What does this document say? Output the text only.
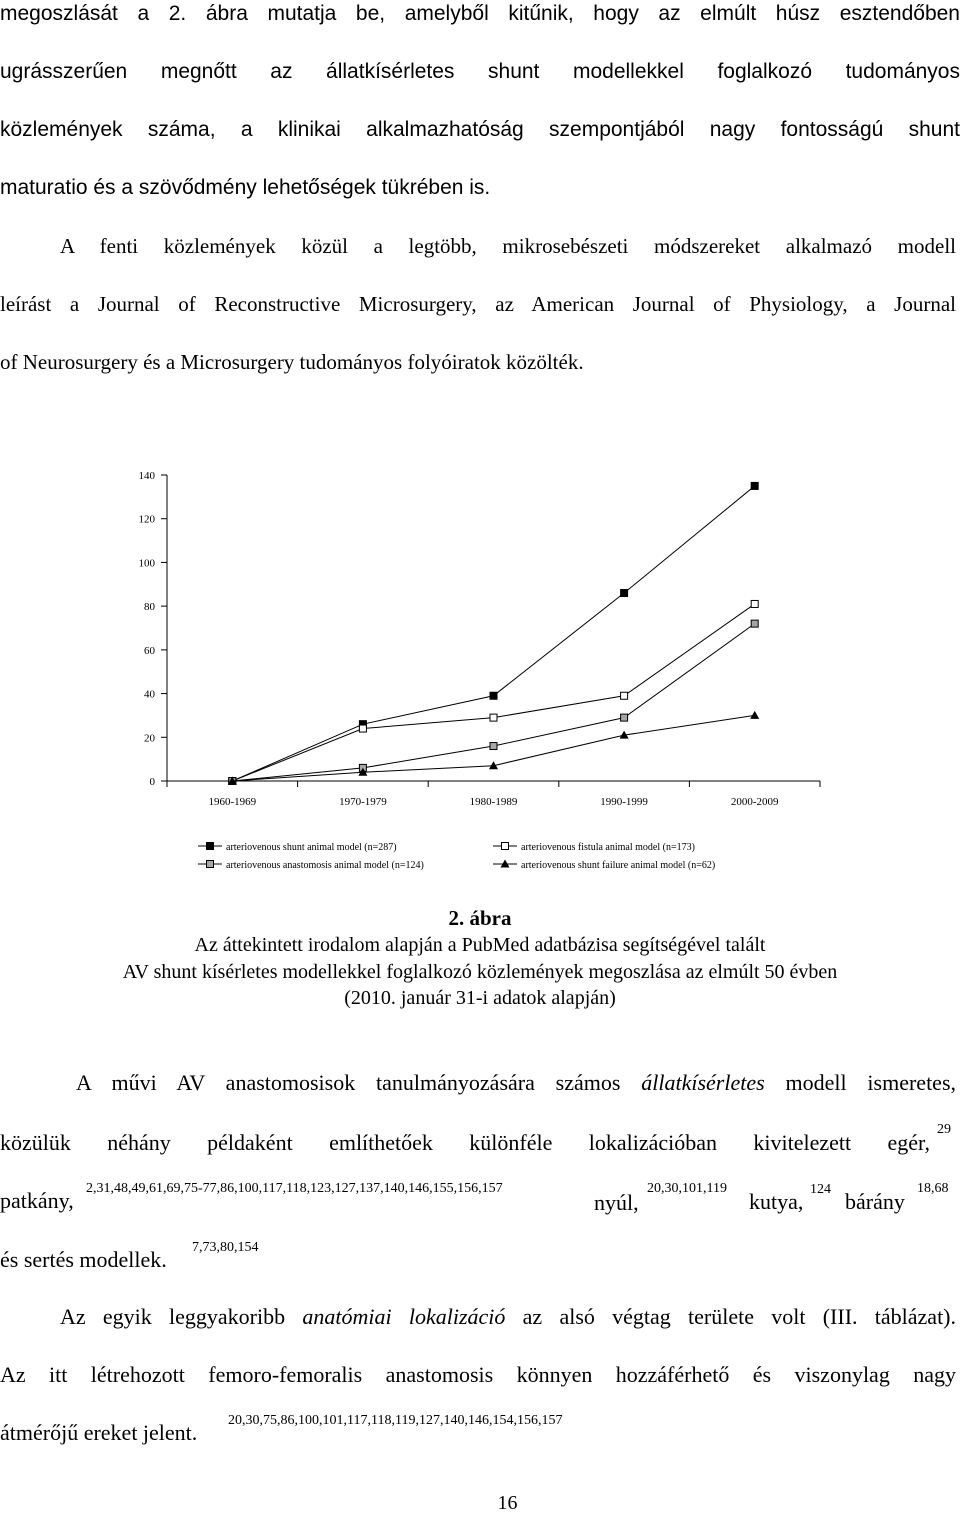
megoszlását a 2. ábra mutatja be, amelyből kitűnik, hogy az elmúlt húsz esztendőben
ugrásszerűen megnőtt az állatkísérletes shunt modellekkel foglalkozó tudományos
közlemények száma, a klinikai alkalmazhatóság szempontjából nagy fontosságú shunt
maturatio és a szövődmény lehetőségek tükrében is.
A fenti közlemények közül a legtöbb, mikrosebészeti módszereket alkalmazó modell
leírást a Journal of Reconstructive Microsurgery, az American Journal of Physiology, a Journal
of Neurosurgery és a Microsurgery tudományos folyóiratok közölték.
0
20
40
60
80
100
120
140
1960-1969	1970-1979	1980-1989	1990-1999	2000-2009
arteriovenous shunt animal model (n=287)	arteriovenous fistula animal model (n=173)
arteriovenous anastomosis animal model (n=124)	arteriovenous shunt failure animal model (n=62)
2. ábra
Az áttekintett irodalom alapján a PubMed adatbázisa segítségével talált
AV shunt kísérletes modellekkel foglalkozó közlemények megoszlása az elmúlt 50 évben
(2010. január 31-i adatok alapján)
A művi AV anastomosisok tanulmányozására számos állatkísérletes modell ismeretes,
közülük néhány példaként említhetőek különféle lokalizációban kivitelezett egér,
29
patkány, 2,31,48,49,61,69,75-77,86,100,117,118,123,127,137,140,146,155,156,157
nyúl,
20,30,101,119
kutya, 124 bárány
18,68
és sertés modellek. 7,73,80,154
Az egyik leggyakoribb anatómiai lokalizáció az alsó végtag területe volt (III. táblázat).
Az itt létrehozott femoro-femoralis anastomosis könnyen hozzáférhető és viszonylag nagy
átmérőjű ereket jelent. 20,30,75,86,100,101,117,118,119,127,140,146,154,156,157
16
